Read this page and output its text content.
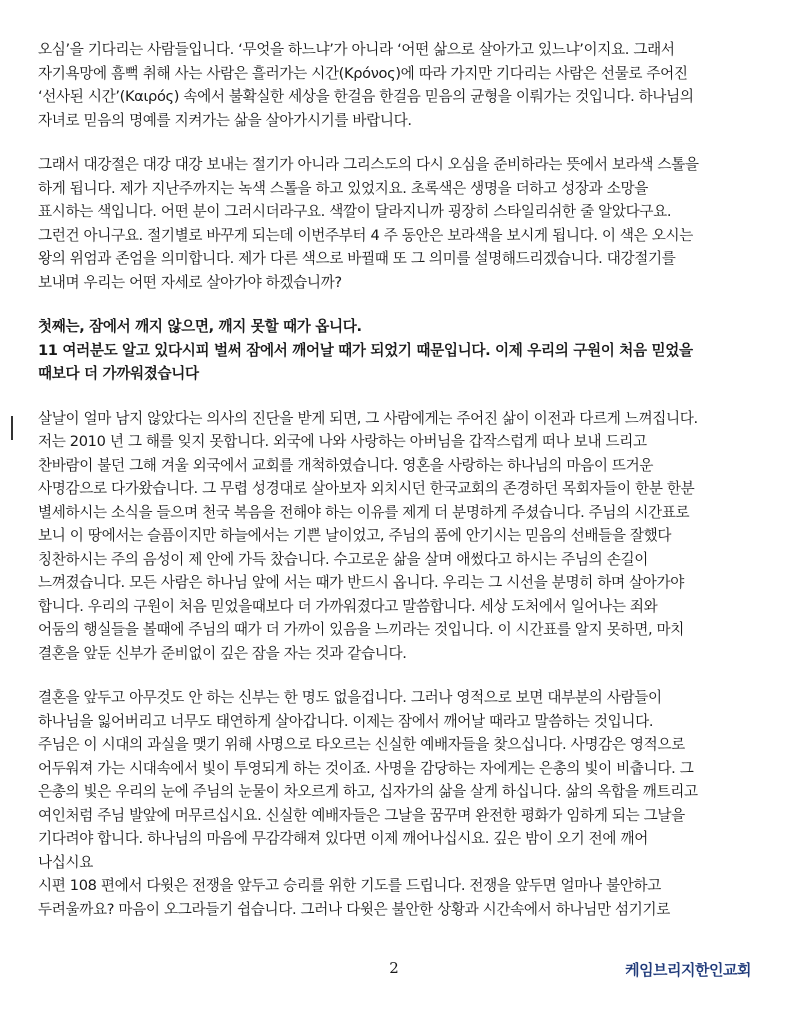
오심’을 기다리는 사람들입니다. ‘무엇을 하느냐’가 아니라 ‘어떤 삶으로 살아가고 있느냐’이지요. 그래서
자기욕망에 흠뻑 취해 사는 사람은 흘러가는 시간(Κρόνος)에 따라 가지만 기다리는 사람은 선물로 주어진
‘선사된 시간’(Καιρός) 속에서 불확실한 세상을 한걸음 한걸음 믿음의 균형을 이뤄가는 것입니다. 하나님의
자녀로 믿음의 명예를 지켜가는 삶을 살아가시기를 바랍니다.
그래서 대강절은 대강 대강 보내는 절기가 아니라 그리스도의 다시 오심을 준비하라는 뜻에서 보라색 스톨을
하게 됩니다. 제가 지난주까지는 녹색 스톨을 하고 있었지요. 초록색은 생명을 더하고 성장과 소망을
표시하는 색입니다. 어떤 분이 그러시더라구요. 색깔이 달라지니까 굉장히 스타일리쉬한 줄 알았다구요.
그런건 아니구요. 절기별로 바꾸게 되는데 이번주부터 4 주 동안은 보라색을 보시게 됩니다. 이 색은 오시는
왕의 위엄과 존엄을 의미합니다. 제가 다른 색으로 바뀔때 또 그 의미를 설명해드리겠습니다. 대강절기를
보내며 우리는 어떤 자세로 살아가야 하겠습니까?
첫째는, 잠에서 깨지 않으면, 깨지 못할 때가 옵니다.
11 여러분도 알고 있다시피 벌써 잠에서 깨어날 때가 되었기 때문입니다. 이제 우리의 구원이 처음 믿었을
때보다 더 가까워졌습니다
살날이 얼마 남지 않았다는 의사의 진단을 받게 되면, 그 사람에게는 주어진 삶이 이전과 다르게 느껴집니다.
저는 2010 년 그 해를 잊지 못합니다. 외국에 나와 사랑하는 아버님을 갑작스럽게 떠나 보내 드리고
찬바람이 불던 그해 겨울 외국에서 교회를 개척하였습니다. 영혼을 사랑하는 하나님의 마음이 뜨거운
사명감으로 다가왔습니다. 그 무렵 성경대로 살아보자 외치시던 한국교회의 존경하던 목회자들이 한분 한분
별세하시는 소식을 들으며 천국 복음을 전해야 하는 이유를 제게 더 분명하게 주셨습니다. 주님의 시간표로
보니 이 땅에서는 슬픔이지만 하늘에서는 기쁜 날이었고, 주님의 품에 안기시는 믿음의 선배들을 잘했다
칭찬하시는 주의 음성이 제 안에 가득 찼습니다. 수고로운 삶을 살며 애썼다고 하시는 주님의 손길이
느껴졌습니다. 모든 사람은 하나님 앞에 서는 때가 반드시 옵니다. 우리는 그 시선을 분명히 하며 살아가야
합니다. 우리의 구원이 처음 믿었을때보다 더 가까워졌다고 말씀합니다. 세상 도처에서 일어나는 죄와
어둠의 행실들을 볼때에 주님의 때가 더 가까이 있음을 느끼라는 것입니다. 이 시간표를 알지 못하면, 마치
결혼을 앞둔 신부가 준비없이 깊은 잠을 자는 것과 같습니다.
결혼을 앞두고 아무것도 안 하는 신부는 한 명도 없을겁니다. 그러나 영적으로 보면 대부분의 사람들이
하나님을 잃어버리고 너무도 태연하게 살아갑니다. 이제는 잠에서 깨어날 때라고 말씀하는 것입니다.
주님은 이 시대의 과실을 맺기 위해 사명으로 타오르는 신실한 예배자들을 찾으십니다. 사명감은 영적으로
어두워져 가는 시대속에서 빛이 투영되게 하는 것이죠. 사명을 감당하는 자에게는 은총의 빛이 비춥니다. 그
은총의 빛은 우리의 눈에 주님의 눈물이 차오르게 하고, 십자가의 삶을 살게 하십니다. 삶의 옥합을 깨트리고
여인처럼 주님 발앞에 머무르십시요. 신실한 예배자들은 그날을 꿈꾸며 완전한 평화가 임하게 되는 그날을
기다려야 합니다. 하나님의 마음에 무감각해져 있다면 이제 깨어나십시요. 깊은 밤이 오기 전에 깨어
나십시요
시편 108 편에서 다윗은 전쟁을 앞두고 승리를 위한 기도를 드립니다. 전쟁을 앞두면 얼마나 불안하고
두려울까요? 마음이 오그라들기 쉽습니다. 그러나 다윗은 불안한 상황과 시간속에서 하나님만 섬기기로
2	케임브리지한인교회
